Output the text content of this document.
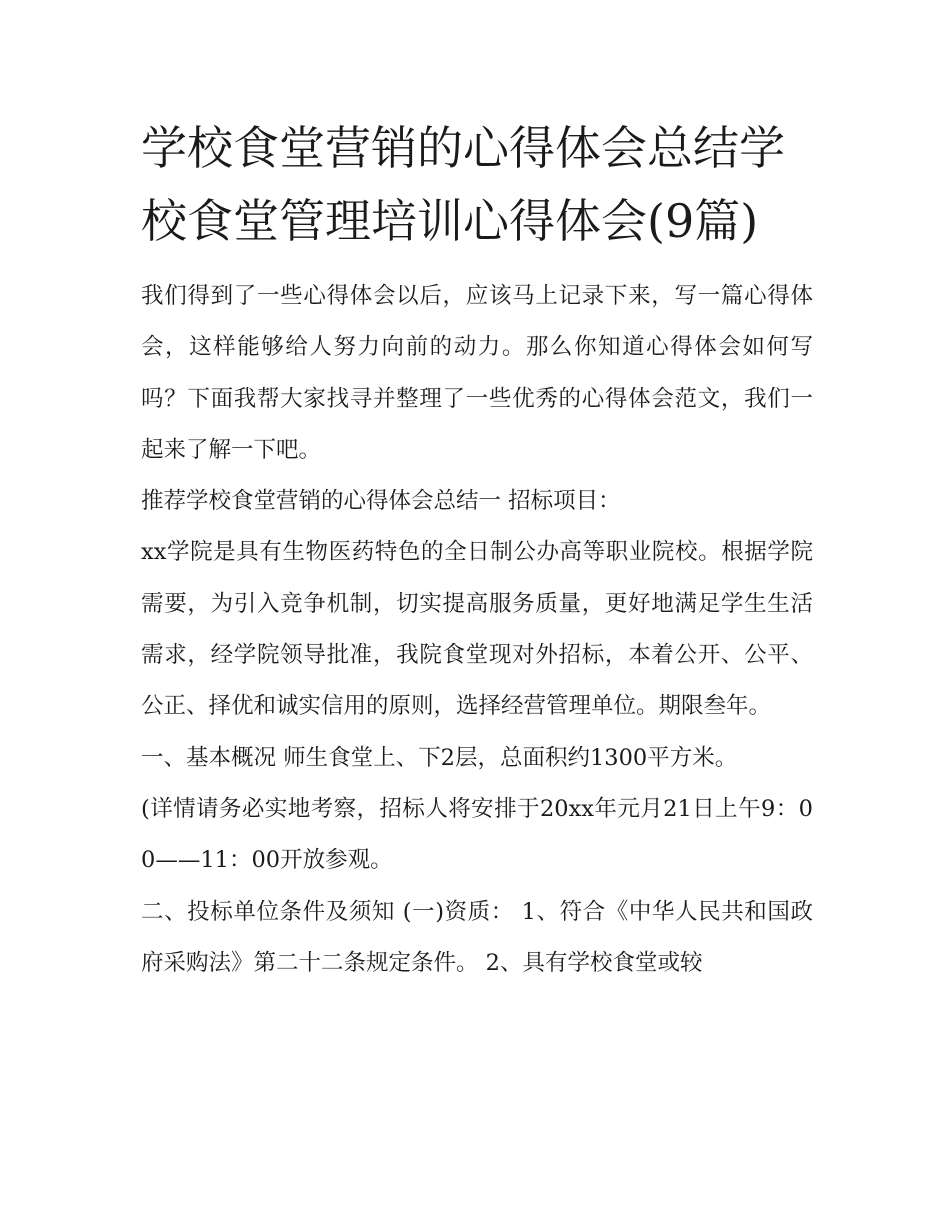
学校食堂营销的心得体会总结学校食堂管理培训心得体会(9篇)

我们得到了一些心得体会以后，应该马上记录下来，写一篇心得体会，这样能够给人努力向前的动力。那么你知道心得体会如何写吗？下面我帮大家找寻并整理了一些优秀的心得体会范文，我们一起来了解一下吧。

推荐学校食堂营销的心得体会总结一 招标项目：

xx学院是具有生物医药特色的全日制公办高等职业院校。根据学院需要，为引入竞争机制，切实提高服务质量，更好地满足学生生活需求，经学院领导批准，我院食堂现对外招标，本着公开、公平、公正、择优和诚实信用的原则，选择经营管理单位。期限叁年。

一、基本概况 师生食堂上、下2层，总面积约1300平方米。

(详情请务必实地考察，招标人将安排于20xx年元月21日上午9：00——11：00开放参观。

二、投标单位条件及须知 (一)资质： 1、符合《中华人民共和国政府采购法》第二十二条规定条件。 2、具有学校食堂或较
